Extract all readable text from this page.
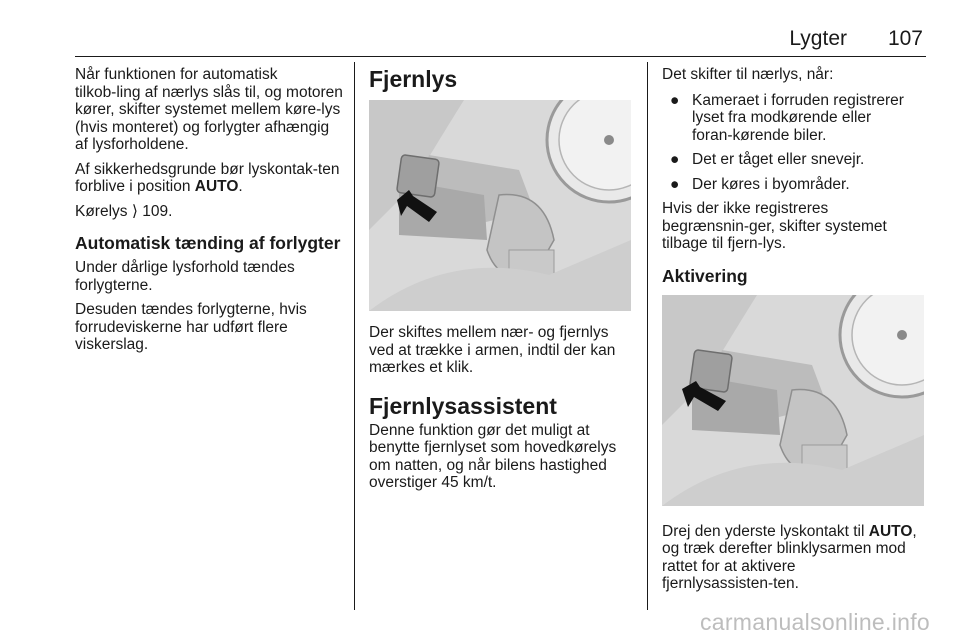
Lygter 107

Når funktionen for automatisk tilkob‑ling af nærlys slås til, og motoren kører, skifter systemet mellem køre‑lys (hvis monteret) og forlygter afhængig af lysforholdene.

Af sikkerhedsgrunde bør lyskontak‑ten forblive i position AUTO.

Kørelys ⟩ 109.

Automatisk tænding af forlygter

Under dårlige lysforhold tændes forlygterne.

Desuden tændes forlygterne, hvis forrudeviskerne har udført flere viskerslag.

Fjernlys

Der skiftes mellem nær- og fjernlys ved at trække i armen, indtil der kan mærkes et klik.

Fjernlysassistent

Denne funktion gør det muligt at benytte fjernlyset som hovedkørelys om natten, og når bilens hastighed overstiger 45 km/t.

Det skifter til nærlys, når:

● Kameraet i forruden registrerer lyset fra modkørende eller foran‑kørende biler.
● Det er tåget eller snevejr.
● Der køres i byområder.

Hvis der ikke registreres begrænsnin‑ger, skifter systemet tilbage til fjern‑lys.

Aktivering

Drej den yderste lyskontakt til AUTO, og træk derefter blinklysarmen mod rattet for at aktivere fjernlysassisten‑ten.

carmanualsonline.info
